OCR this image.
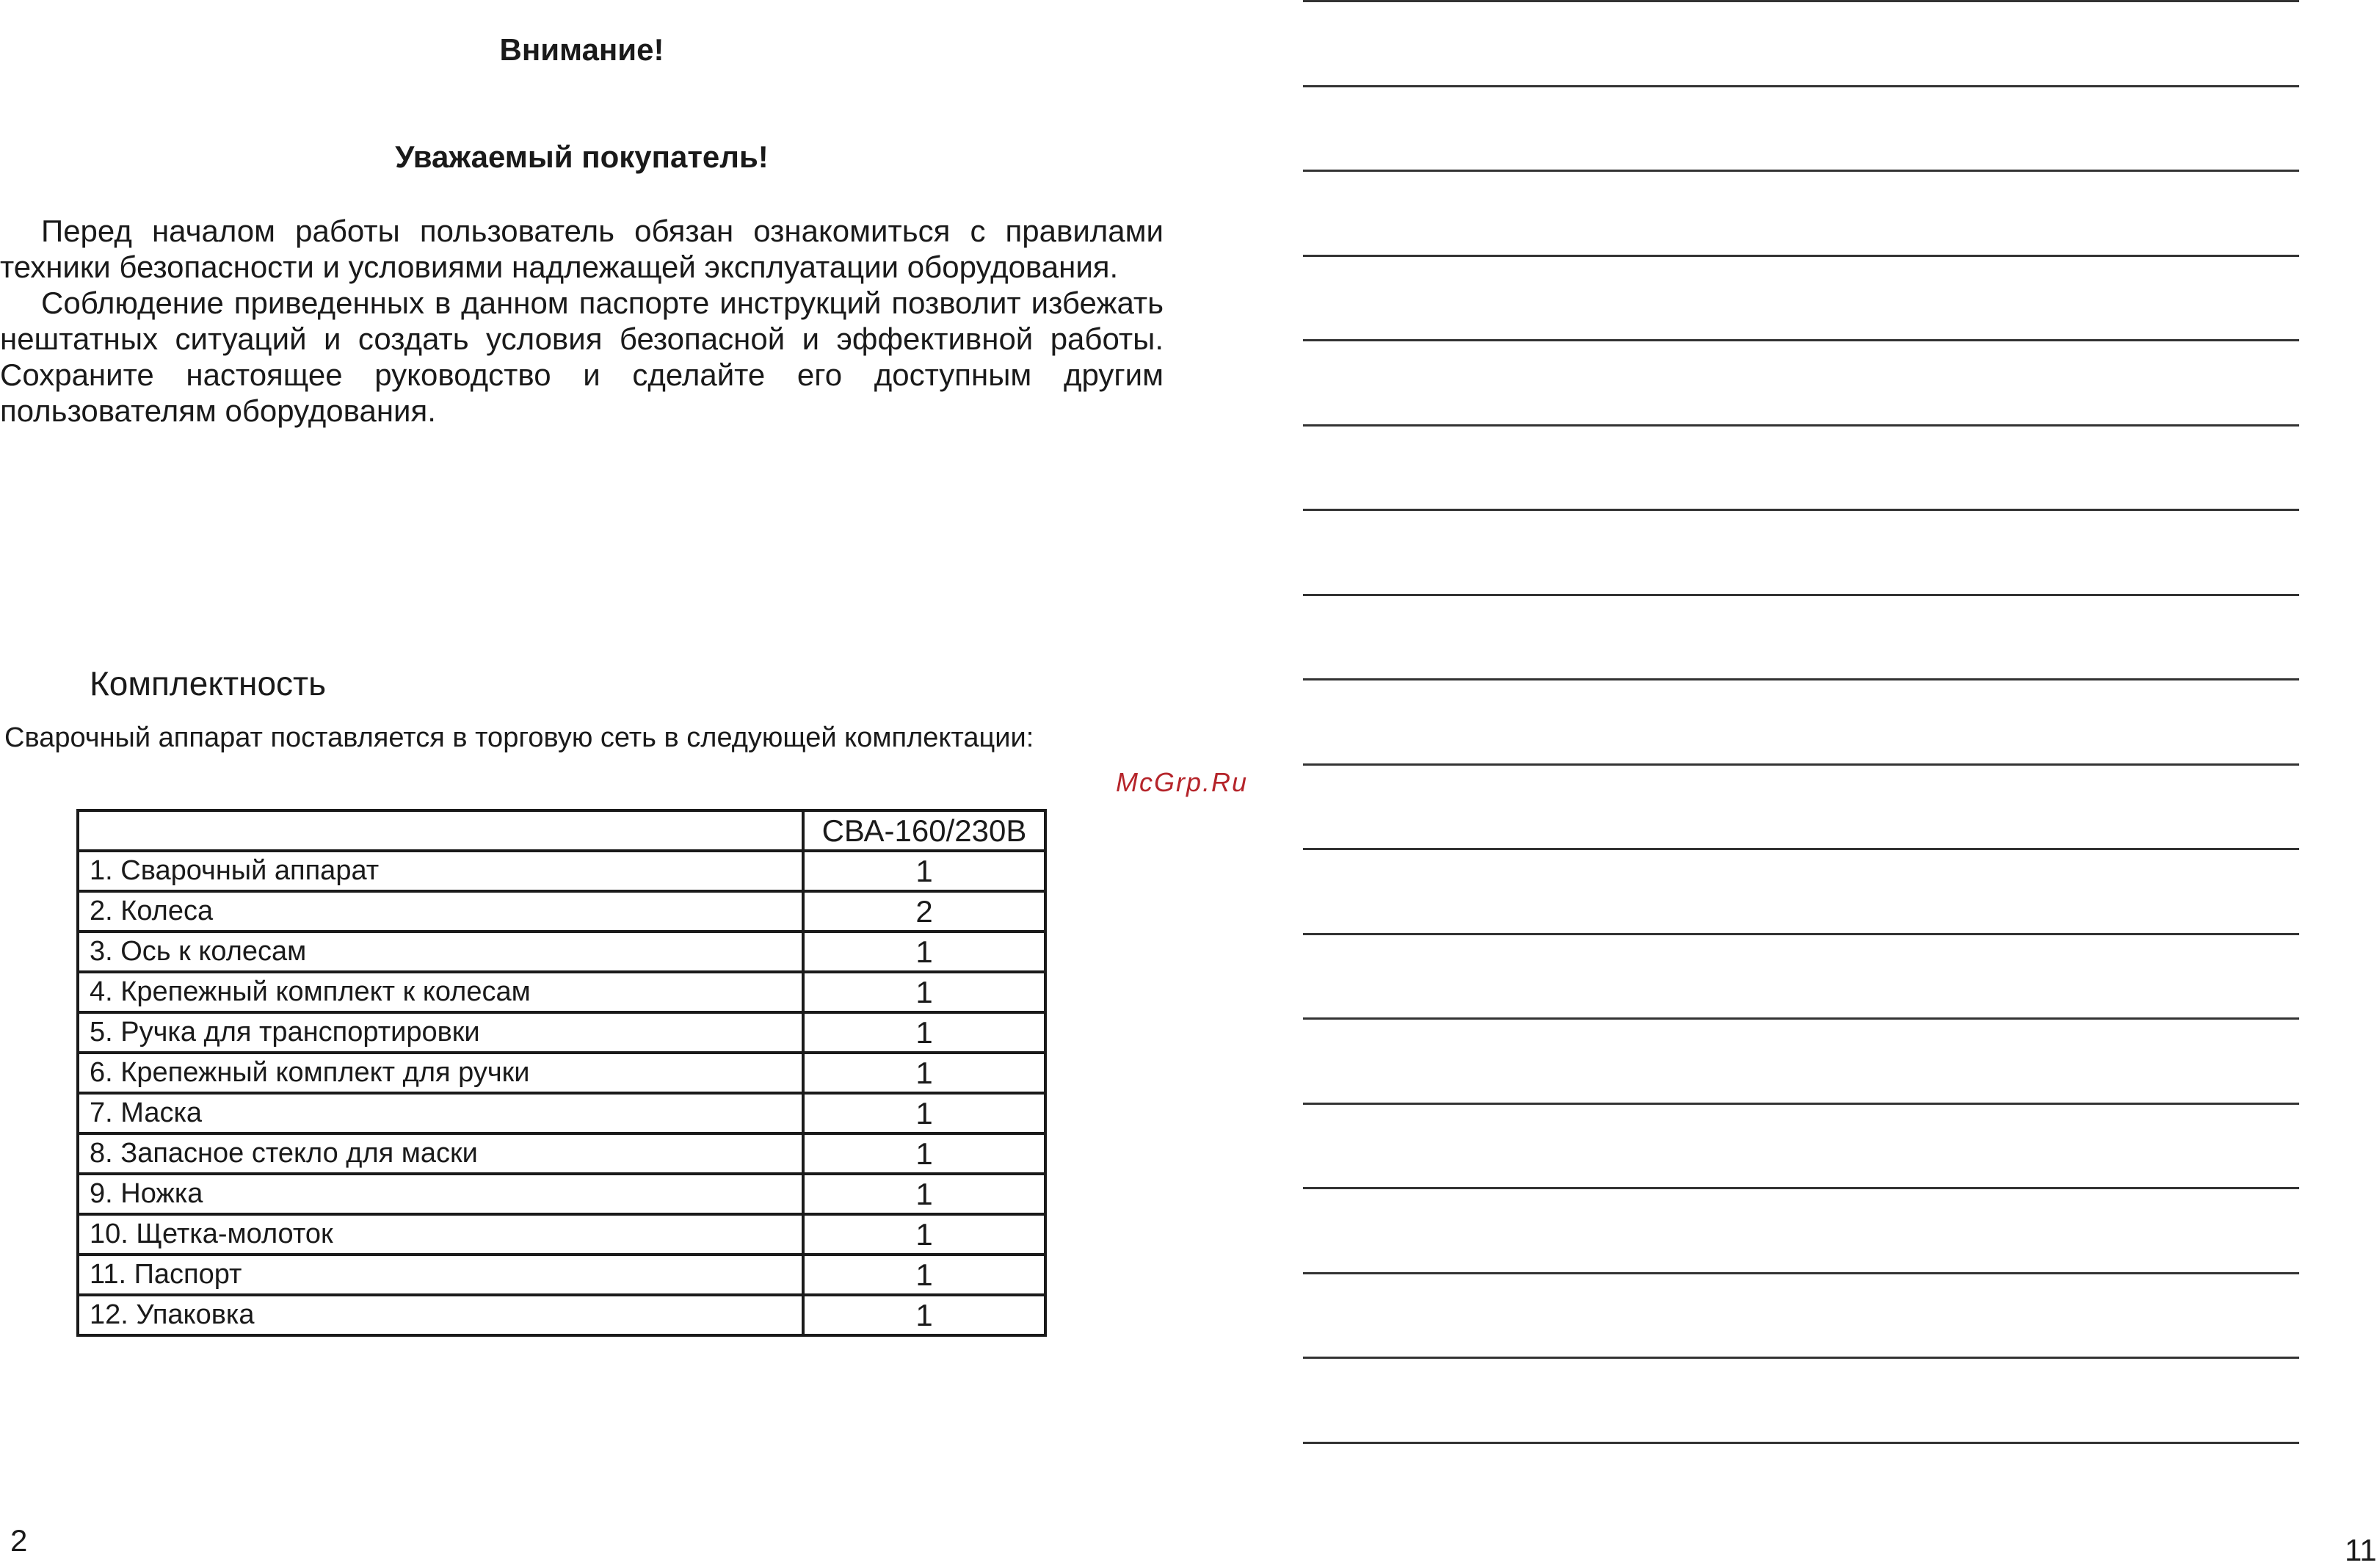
Внимание!
Уважаемый покупатель!

Перед началом работы пользователь обязан ознакомиться с правилами техники безопасности и условиями надлежащей эксплуатации оборудования.

Соблюдение приведенных в данном паспорте инструкций позволит избежать нештатных ситуаций и создать условия безопасной и эффективной работы. Сохраните настоящее руководство и сделайте его доступным другим пользователям оборудования.

Комплектность

Сварочный аппарат поставляется в торговую сеть в следующей комплектации:

McGrp.Ru
	СВА-160/230В
1. Сварочный аппарат	1
2. Колеса	2
3. Ось к колесам	1
4. Крепежный комплект к колесам	1
5. Ручка для транспортировки	1
6. Крепежный комплект для ручки	1
7. Маска	1
8. Запасное стекло для маски	1
9. Ножка	1
10. Щетка-молоток	1
11. Паспорт	1
12. Упаковка	1
2	11
